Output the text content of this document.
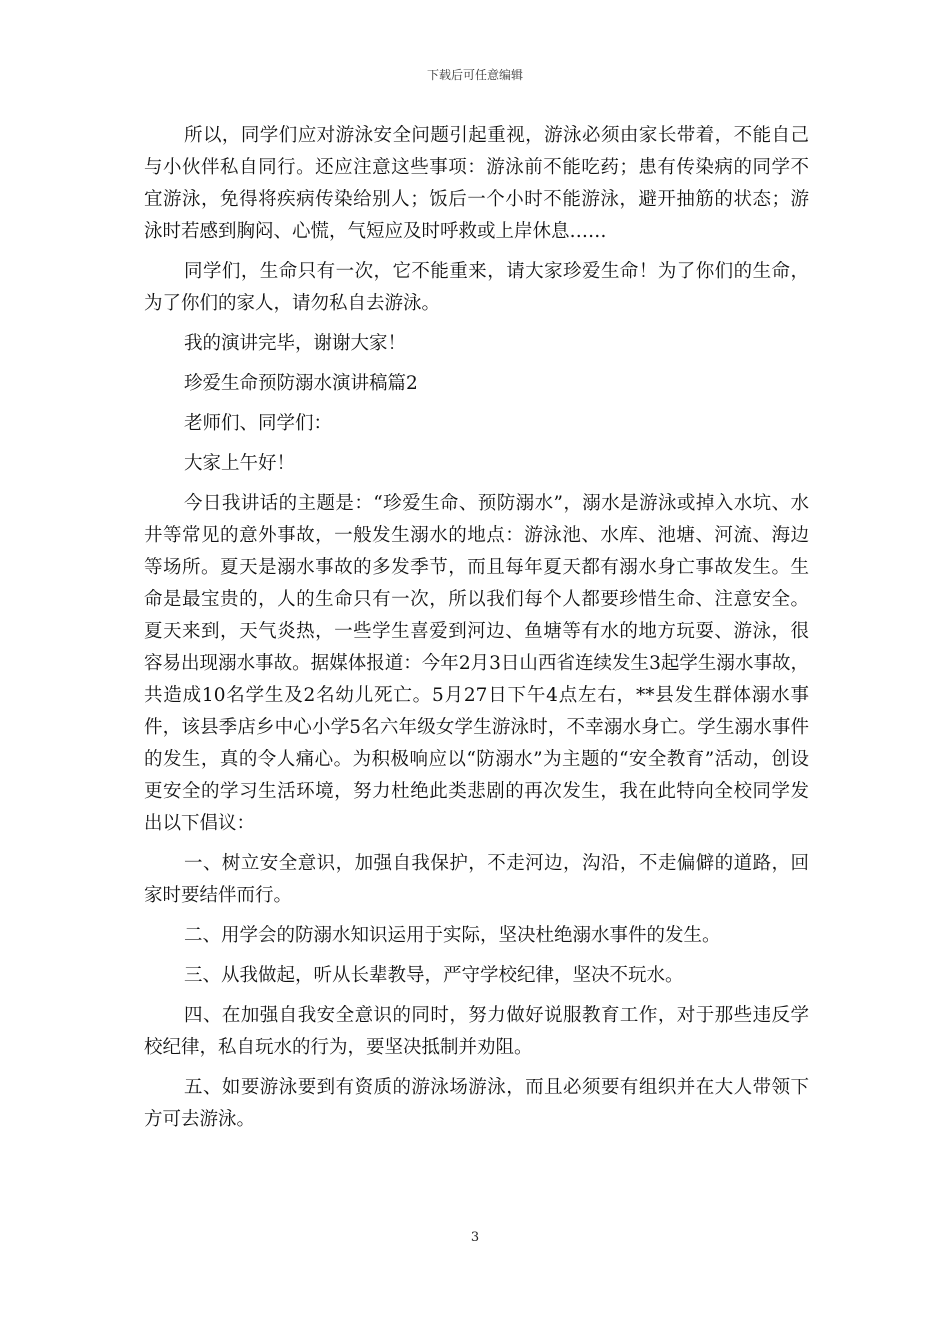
下载后可任意编辑

所以，同学们应对游泳安全问题引起重视，游泳必须由家长带着，不能自己与小伙伴私自同行。还应注意这些事项：游泳前不能吃药；患有传染病的同学不宜游泳，免得将疾病传染给别人；饭后一个小时不能游泳，避开抽筋的状态；游泳时若感到胸闷、心慌，气短应及时呼救或上岸休息……

同学们，生命只有一次，它不能重来，请大家珍爱生命！为了你们的生命，为了你们的家人，请勿私自去游泳。

我的演讲完毕，谢谢大家！

珍爱生命预防溺水演讲稿篇2

老师们、同学们：

大家上午好！

今日我讲话的主题是：“珍爱生命、预防溺水”，溺水是游泳或掉入水坑、水井等常见的意外事故，一般发生溺水的地点：游泳池、水库、池塘、河流、海边等场所。夏天是溺水事故的多发季节，而且每年夏天都有溺水身亡事故发生。生命是最宝贵的，人的生命只有一次，所以我们每个人都要珍惜生命、注意安全。夏天来到，天气炎热，一些学生喜爱到河边、鱼塘等有水的地方玩耍、游泳，很容易出现溺水事故。据媒体报道：今年2月3日山西省连续发生3起学生溺水事故，共造成10名学生及2名幼儿死亡。5月27日下午4点左右，**县发生群体溺水事件，该县季店乡中心小学5名六年级女学生游泳时，不幸溺水身亡。学生溺水事件的发生，真的令人痛心。为积极响应以“防溺水”为主题的“安全教育”活动，创设更安全的学习生活环境，努力杜绝此类悲剧的再次发生，我在此特向全校同学发出以下倡议：

一、树立安全意识，加强自我保护，不走河边，沟沿，不走偏僻的道路，回家时要结伴而行。

二、用学会的防溺水知识运用于实际，坚决杜绝溺水事件的发生。

三、从我做起，听从长辈教导，严守学校纪律，坚决不玩水。

四、在加强自我安全意识的同时，努力做好说服教育工作，对于那些违反学校纪律，私自玩水的行为，要坚决抵制并劝阻。

五、如要游泳要到有资质的游泳场游泳，而且必须要有组织并在大人带领下方可去游泳。

3
